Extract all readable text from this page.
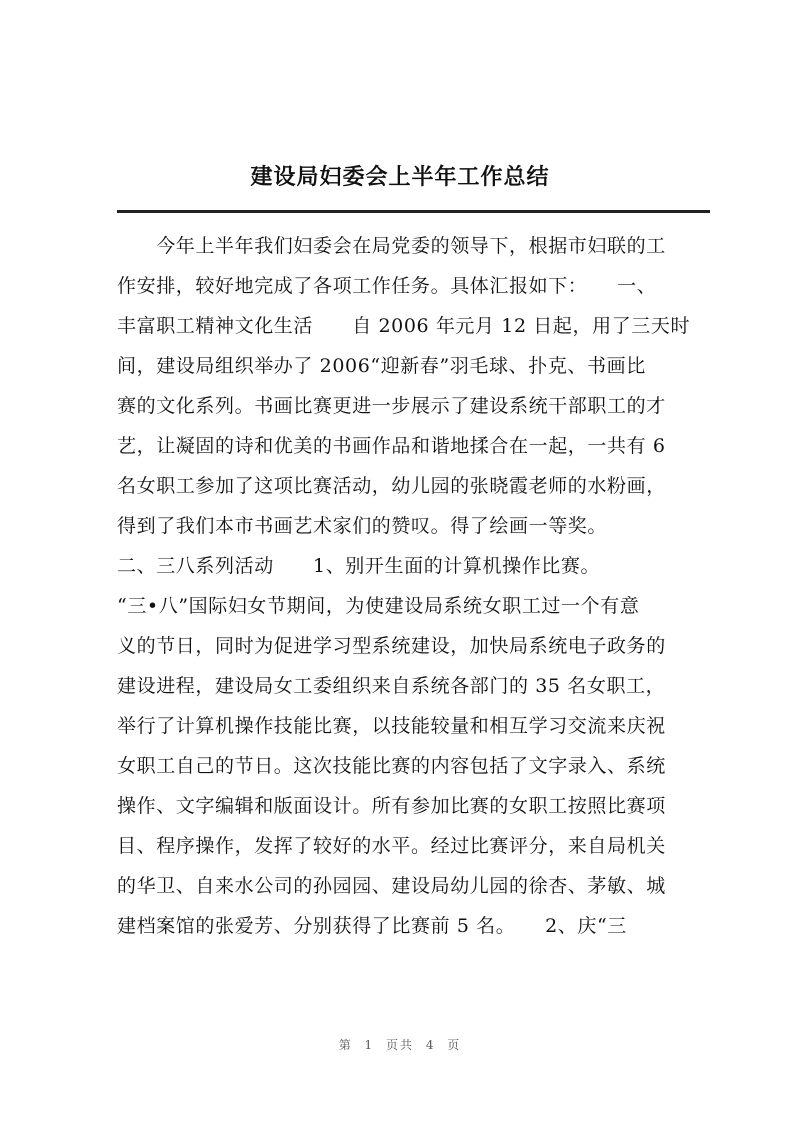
建设局妇委会上半年工作总结
　　今年上半年我们妇委会在局党委的领导下，根据市妇联的工
作安排，较好地完成了各项工作任务。具体汇报如下：　　一、
丰富职工精神文化生活　　自 2006 年元月 12 日起，用了三天时
间，建设局组织举办了 2006“迎新春”羽毛球、扑克、书画比
赛的文化系列。书画比赛更进一步展示了建设系统干部职工的才
艺，让凝固的诗和优美的书画作品和谐地揉合在一起，一共有 6
名女职工参加了这项比赛活动，幼儿园的张晓霞老师的水粉画，
得到了我们本市书画艺术家们的赞叹。得了绘画一等奖。
二、三八系列活动　　1、别开生面的计算机操作比赛。
“三•八”国际妇女节期间，为使建设局系统女职工过一个有意
义的节日，同时为促进学习型系统建设，加快局系统电子政务的
建设进程，建设局女工委组织来自系统各部门的 35 名女职工，
举行了计算机操作技能比赛，以技能较量和相互学习交流来庆祝
女职工自己的节日。这次技能比赛的内容包括了文字录入、系统
操作、文字编辑和版面设计。所有参加比赛的女职工按照比赛项
目、程序操作，发挥了较好的水平。经过比赛评分，来自局机关
的华卫、自来水公司的孙园园、建设局幼儿园的徐杏、茅敏、城
建档案馆的张爱芳、分别获得了比赛前 5 名。　　2、庆“三
第 1 页共 4 页
